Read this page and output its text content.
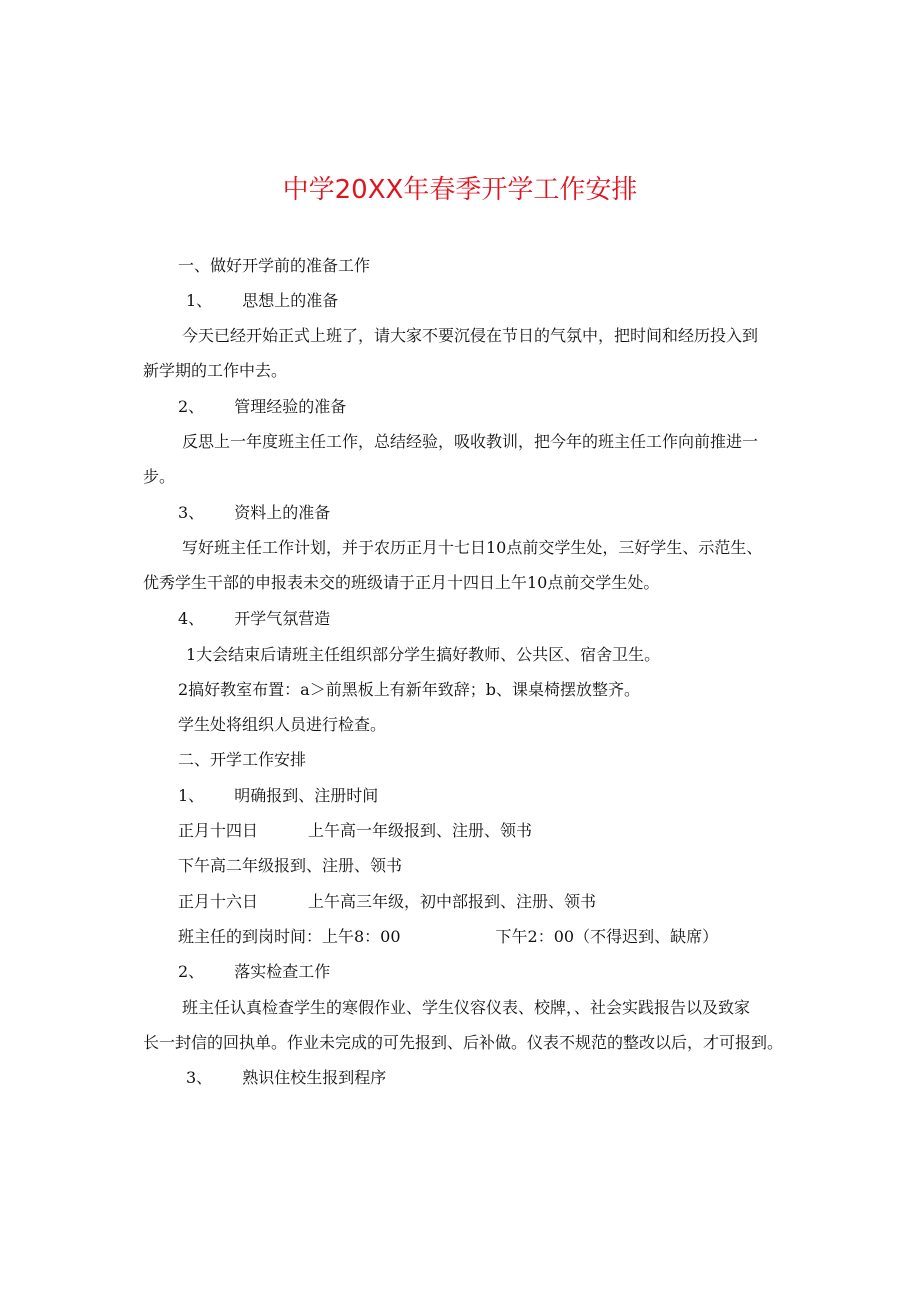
中学20XX年春季开学工作安排
一、做好开学前的准备工作
1、 思想上的准备
今天已经开始正式上班了，请大家不要沉侵在节日的气氛中，把时间和经历投入到
新学期的工作中去。
2、 管理经验的准备
反思上一年度班主任工作，总结经验，吸收教训，把今年的班主任工作向前推进一
步。
3、 资料上的准备
写好班主任工作计划，并于农历正月十七日10点前交学生处，三好学生、示范生、
优秀学生干部的申报表未交的班级请于正月十四日上午10点前交学生处。
4、 开学气氛营造
1大会结束后请班主任组织部分学生搞好教师、公共区、宿舍卫生。
2搞好教室布置：a＞前黑板上有新年致辞；b、课桌椅摆放整齐。
学生处将组织人员进行检查。
二、开学工作安排
1、 明确报到、注册时间
正月十四日	上午高一年级报到、注册、领书
下午高二年级报到、注册、领书
正月十六日	上午高三年级，初中部报到、注册、领书
班主任的到岗时间：上午8：00	下午2：00（不得迟到、缺席）
2、 落实检查工作
班主任认真检查学生的寒假作业、学生仪容仪表、校牌，、社会实践报告以及致家
长一封信的回执单。作业未完成的可先报到、后补做。仪表不规范的整改以后，才可报到。
3、 熟识住校生报到程序
